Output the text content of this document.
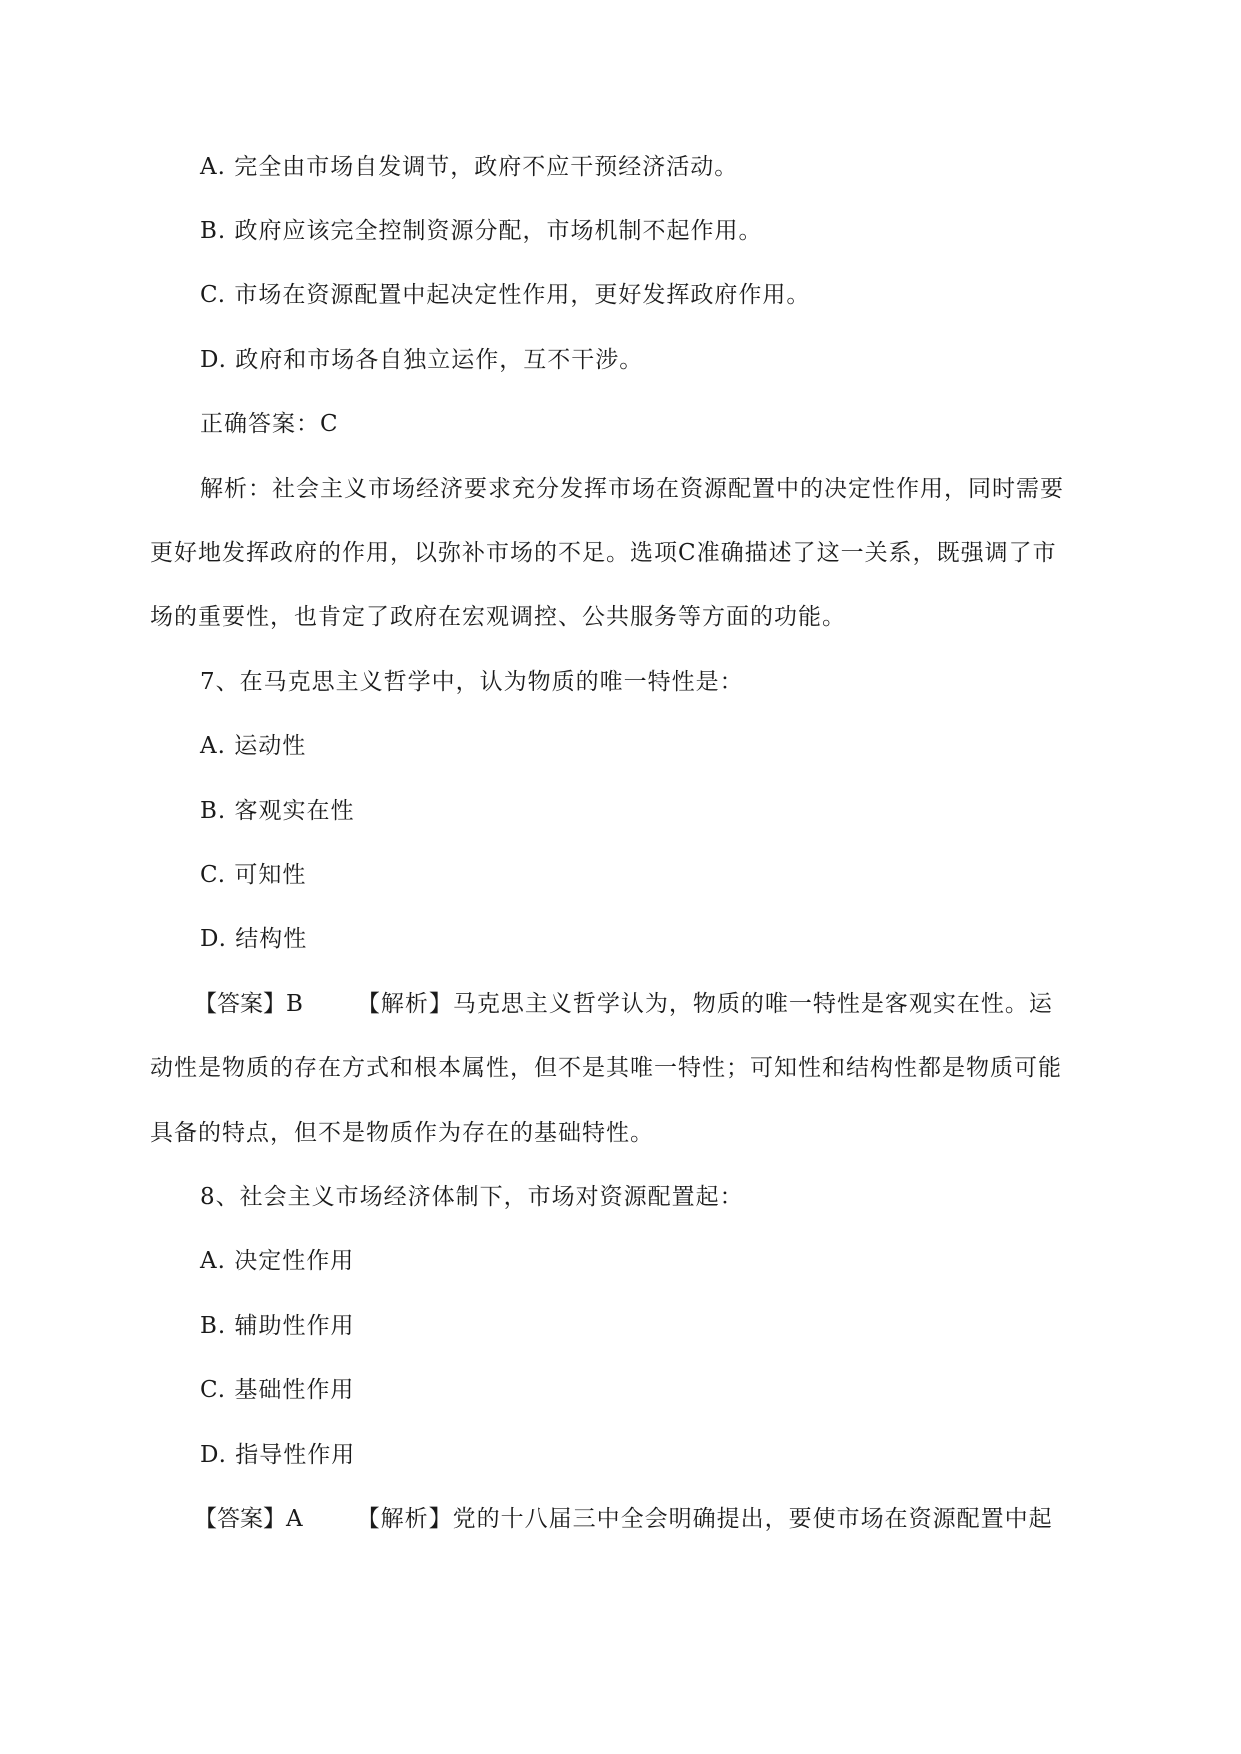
A. 完全由市场自发调节，政府不应干预经济活动。
B. 政府应该完全控制资源分配，市场机制不起作用。
C. 市场在资源配置中起决定性作用，更好发挥政府作用。
D. 政府和市场各自独立运作，互不干涉。
正确答案：C
解析：社会主义市场经济要求充分发挥市场在资源配置中的决定性作用，同时需要
更好地发挥政府的作用，以弥补市场的不足。选项C准确描述了这一关系，既强调了市
场的重要性，也肯定了政府在宏观调控、公共服务等方面的功能。
7、在马克思主义哲学中，认为物质的唯一特性是：
A. 运动性
B. 客观实在性
C. 可知性
D. 结构性
【答案】B 【解析】马克思主义哲学认为，物质的唯一特性是客观实在性。运
动性是物质的存在方式和根本属性，但不是其唯一特性；可知性和结构性都是物质可能
具备的特点，但不是物质作为存在的基础特性。
8、社会主义市场经济体制下，市场对资源配置起：
A. 决定性作用
B. 辅助性作用
C. 基础性作用
D. 指导性作用
【答案】A 【解析】党的十八届三中全会明确提出，要使市场在资源配置中起
